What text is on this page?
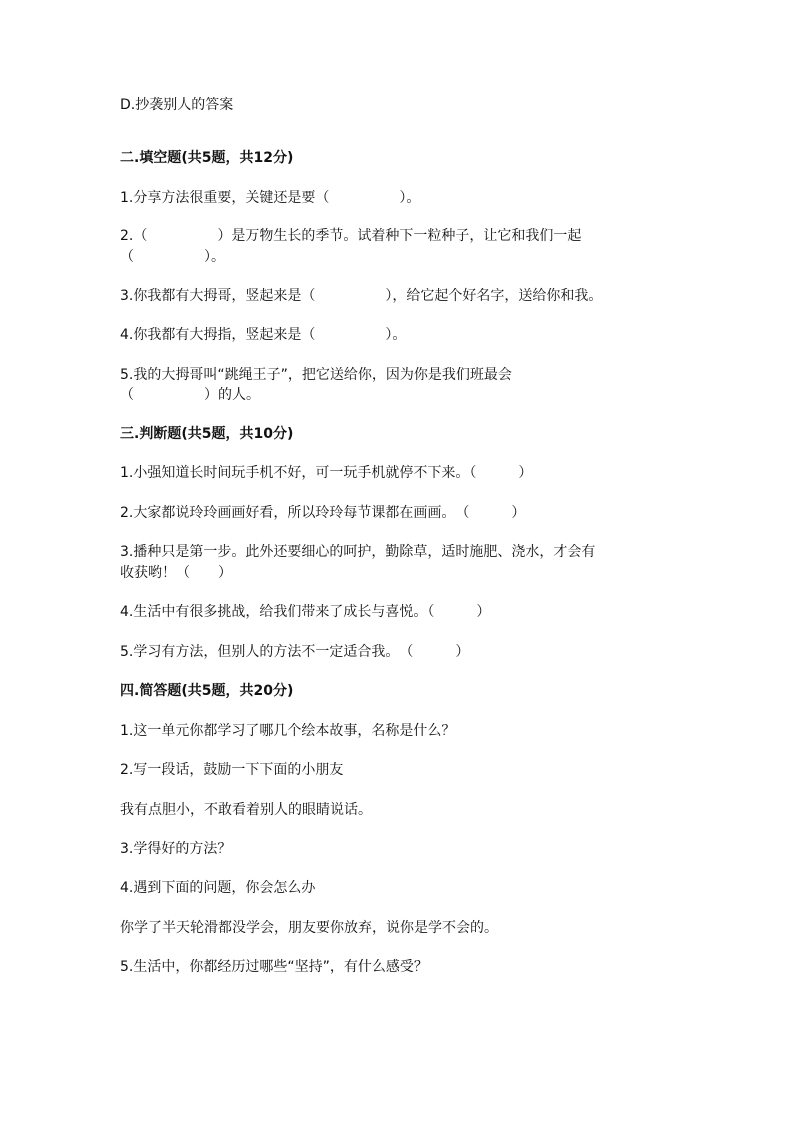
D.抄袭别人的答案

二.填空题(共5题，共12分)

1.分享方法很重要，关键还是要（　　　　　）。

2.（　　　　　）是万物生长的季节。试着种下一粒种子，让它和我们一起

（　　　　　）。

3.你我都有大拇哥，竖起来是（　　　　　），给它起个好名字，送给你和我。

4.你我都有大拇指，竖起来是（　　　　　）。

5.我的大拇哥叫“跳绳王子”，把它送给你，因为你是我们班最会

（　　　　　）的人。

三.判断题(共5题，共10分)

1.小强知道长时间玩手机不好，可一玩手机就停不下来。（　　　）

2.大家都说玲玲画画好看，所以玲玲每节课都在画画。　（　　　）

3.播种只是第一步。此外还要细心的呵护，勤除草，适时施肥、浇水，才会有

收获哟！（　　）

4.生活中有很多挑战，给我们带来了成长与喜悦。（　　　）

5.学习有方法，但别人的方法不一定适合我。　（　　　）

四.简答题(共5题，共20分)

1.这一单元你都学习了哪几个绘本故事，名称是什么？

2.写一段话，鼓励一下下面的小朋友

我有点胆小，不敢看着别人的眼睛说话。

3.学得好的方法？

4.遇到下面的问题，你会怎么办

你学了半天轮滑都没学会，朋友要你放弃，说你是学不会的。

5.生活中，你都经历过哪些“坚持”，有什么感受？
